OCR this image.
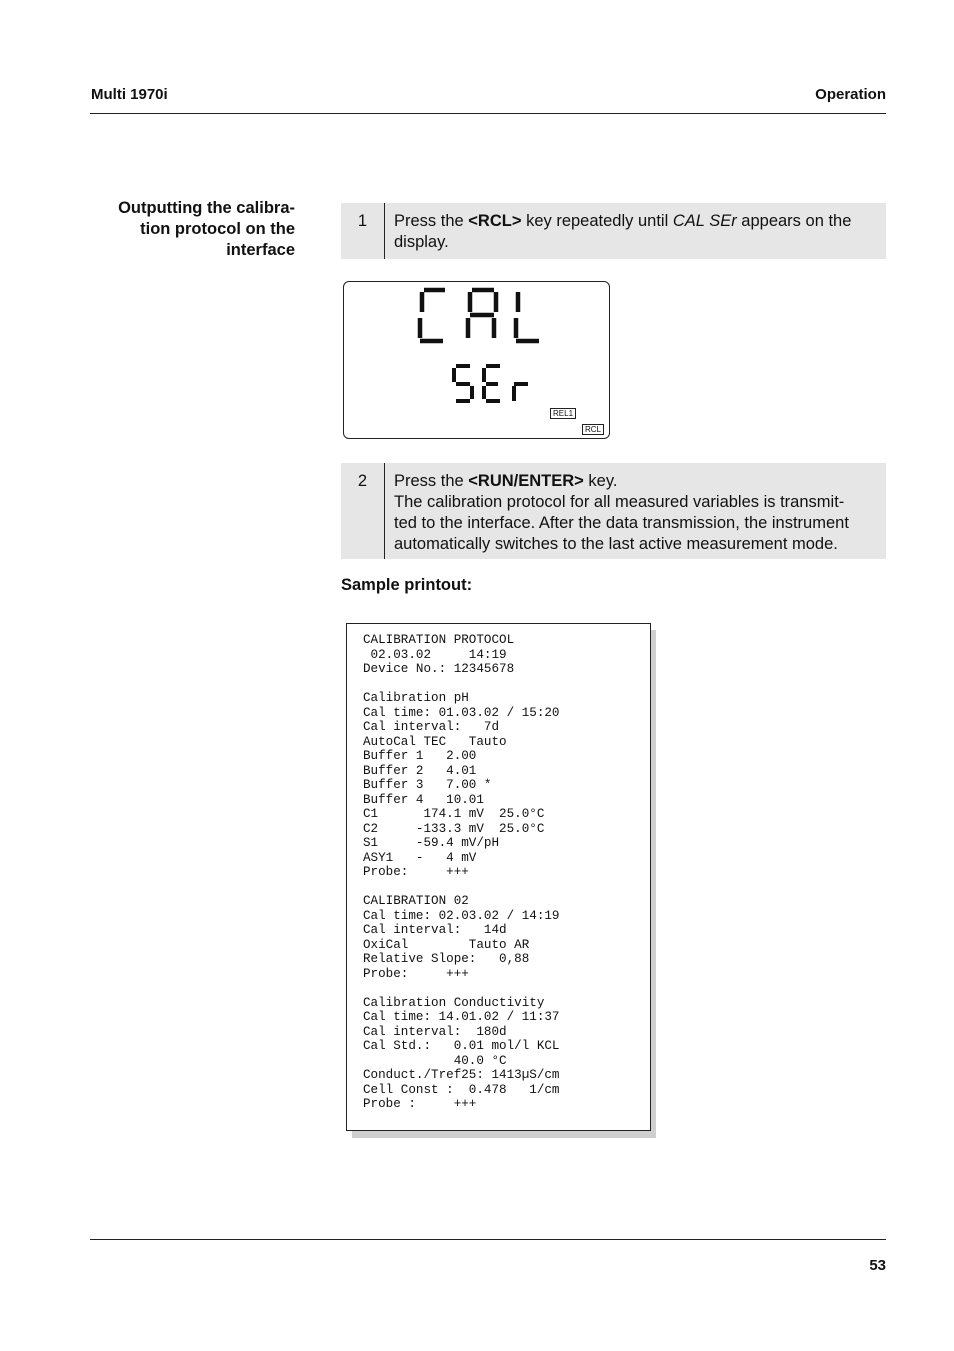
Multi 1970i	Operation
Outputting the calibra-
tion protocol on the
interface
1	Press the <RCL> key repeatedly until CAL SEr appears on the display.
CAL
SEr
REL1
RCL
2	Press the <RUN/ENTER> key.
The calibration protocol for all measured variables is transmit-
ted to the interface. After the data transmission, the instrument
automatically switches to the last active measurement mode.
Sample printout:
CALIBRATION PROTOCOL
02.03.02     14:19
Device No.: 12345678

Calibration pH
Cal time: 01.03.02 / 15:20
Cal interval:   7d
AutoCal TEC   Tauto
Buffer 1   2.00
Buffer 2   4.01
Buffer 3   7.00 *
Buffer 4   10.01
C1      174.1 mV  25.0°C
C2     -133.3 mV  25.0°C
S1     -59.4 mV/pH
ASY1   -   4 mV
Probe:     +++

CALIBRATION 02
Cal time: 02.03.02 / 14:19
Cal interval:   14d
OxiCal        Tauto AR
Relative Slope:   0,88
Probe:     +++

Calibration Conductivity
Cal time: 14.01.02 / 11:37
Cal interval:  180d
Cal Std.:   0.01 mol/l KCL
40.0 °C
Conduct./Tref25: 1413µS/cm
Cell Const :  0.478   1/cm
Probe :     +++
53
